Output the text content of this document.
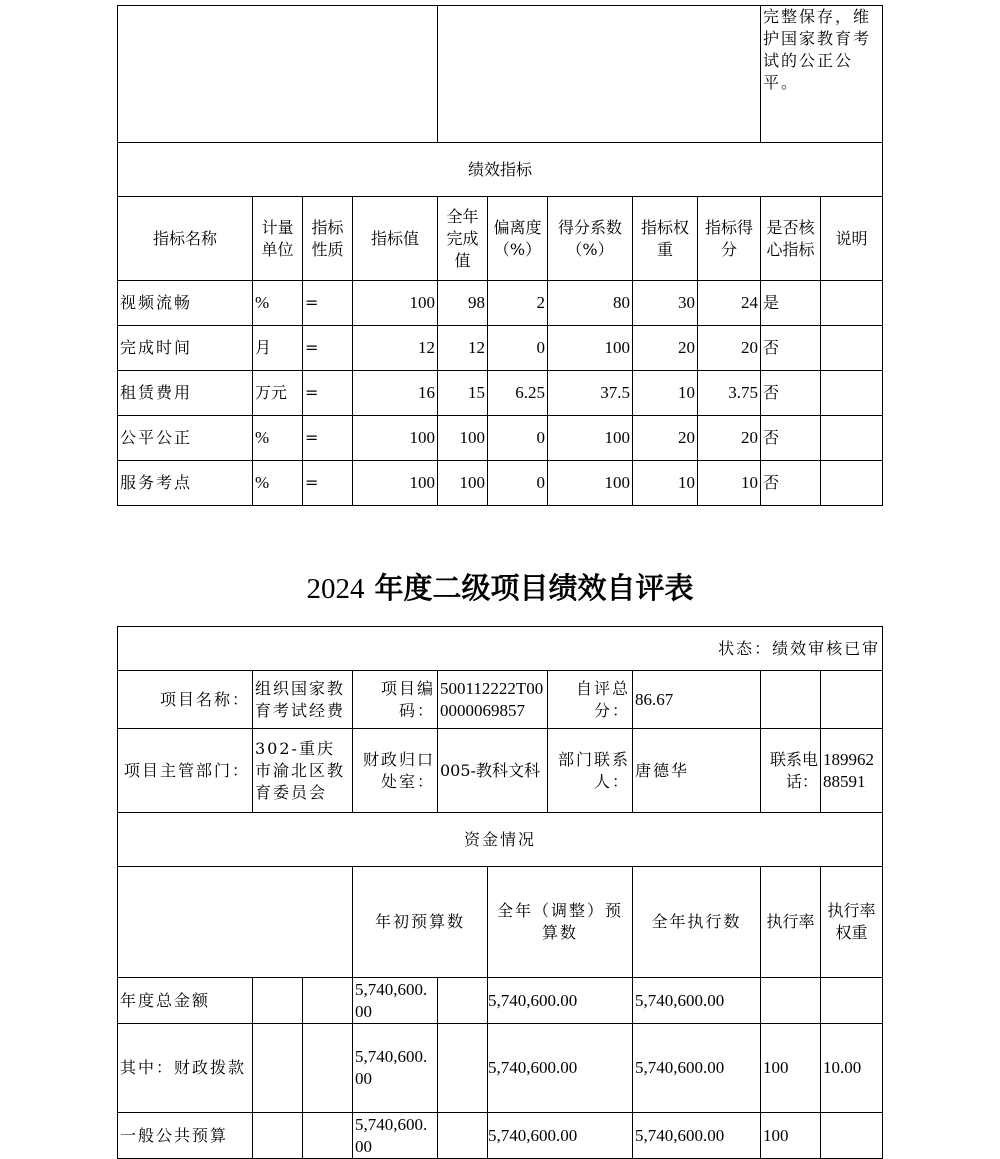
									完整保存，维护国家教育考试的公正公平。	
绩效指标										
指标名称	计量单位	指标性质	指标值	全年完成值	偏离度（%）	得分系数（%）	指标权重	指标得分	是否核心指标	说明
视频流畅	%	=	100	98	2	80	30	24	是	
完成时间	月	=	12	12	0	100	20	20	否	
租赁费用	万元	=	16	15	6.25	37.5	10	3.75	否	
公平公正	%	=	100	100	0	100	20	20	否	
服务考点	%	=	100	100	0	100	10	10	否	
2024 年度二级项目绩效自评表
状态：绩效审核已审										
项目名称：	组织国家教育考试经费		项目编码：	500112222T000000069857		自评总分：	86.67			
项目主管部门：	302-重庆市渝北区教育委员会		财政归口处室：	005-教科文科		部门联系人：	唐德华	联系电话：	18996288591	
资金情况										
			年初预算数		全年（调整）预算数		全年执行数	执行率	执行率权重	
年度总金额			5,740,600.00		5,740,600.00		5,740,600.00			
其中：财政拨款			5,740,600.00		5,740,600.00		5,740,600.00	100	10.00	
一般公共预算			5,740,600.00		5,740,600.00		5,740,600.00	100		
